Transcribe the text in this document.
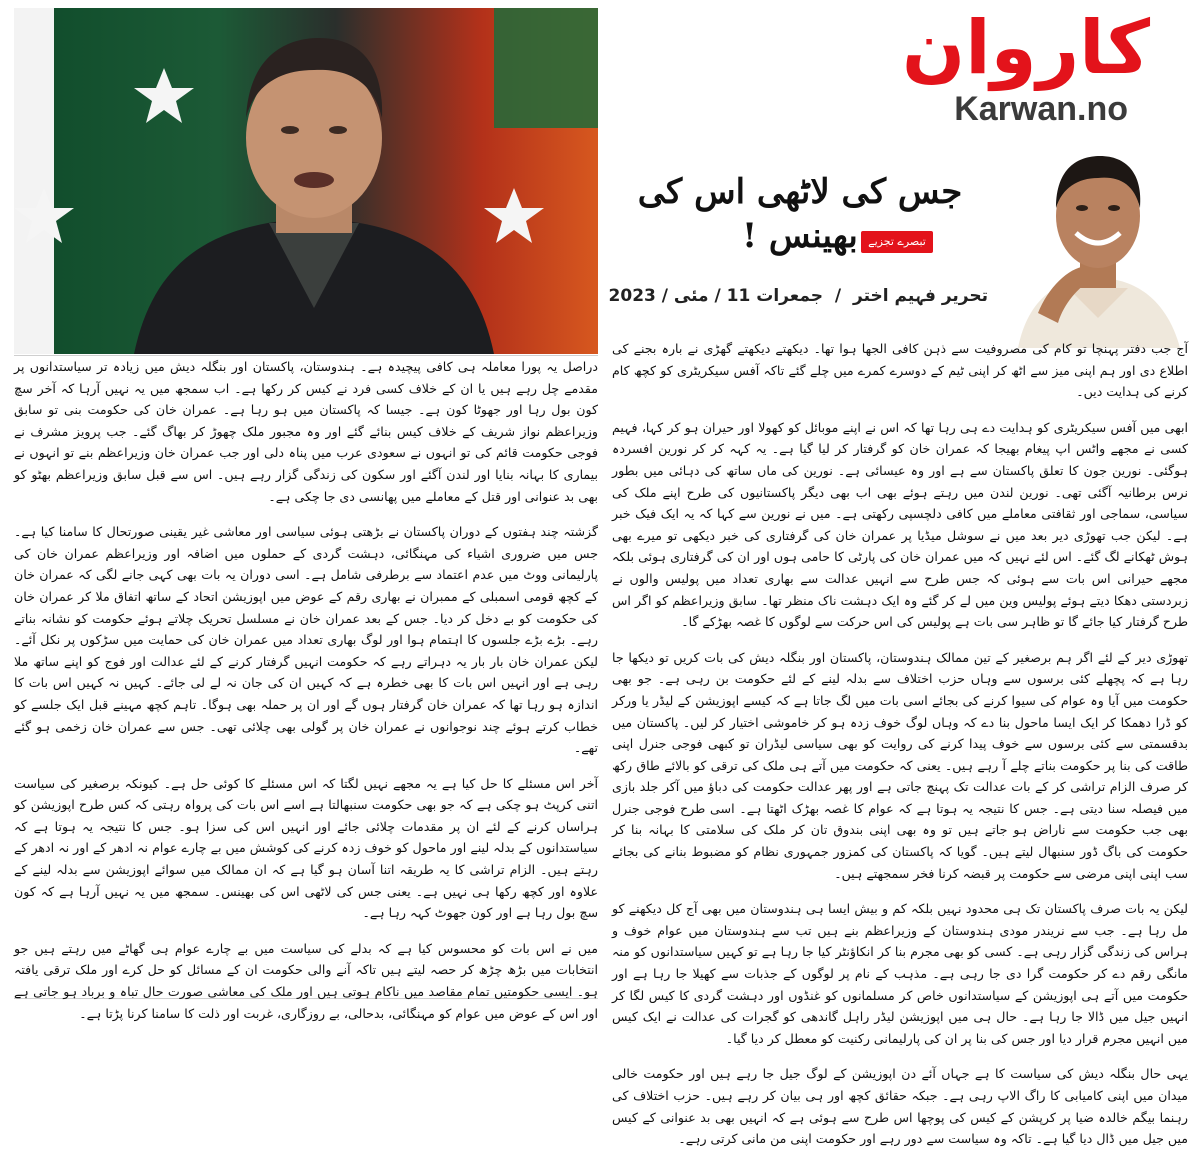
کاروان
Karwan.no
جس کی لاٹھی اس کی بھینس ! تبصرے تجزیے
تحریر فہیم اختر / جمعرات 11 / مئی / 2023

آج جب دفتر پہنچا تو کام کی مصروفیت سے ذہن کافی الجھا ہوا تھا۔ دیکھتے دیکھتے گھڑی نے بارہ بجنے کی اطلاع دی اور ہم اپنی میز سے اٹھ کر اپنی ٹیم کے دوسرے کمرے میں چلے گئے تاکہ آفس سیکریٹری کو کچھ کام کرنے کی ہدایت دیں۔

ابھی میں آفس سیکریٹری کو ہدایت دے ہی رہا تھا کہ اس نے اپنے موبائل کو کھولا اور حیران ہو کر کہا، فہیم کسی نے مجھے واٹس اپ پیغام بھیجا کہ عمران خان کو گرفتار کر لیا گیا ہے۔ یہ کہہ کر کر نورین افسردہ ہوگئی۔ نورین جون کا تعلق پاکستان سے ہے اور وہ عیسائی ہے۔ نورین کی ماں ساتھ کی دہائی میں بطور نرس برطانیہ آگئی تھی۔ نورین لندن میں رہتے ہوئے بھی اب بھی دیگر پاکستانیوں کی طرح اپنے ملک کی سیاسی، سماجی اور ثقافتی معاملے میں کافی دلچسپی رکھتی ہے۔ میں نے نورین سے کہا کہ یہ ایک فیک خبر ہے۔ لیکن جب تھوڑی دیر بعد میں نے سوشل میڈیا پر عمران خان کی گرفتاری کی خبر دیکھی تو میرے بھی ہوش ٹھکانے لگ گئے۔ اس لئے نہیں کہ میں عمران خان کی پارٹی کا حامی ہوں اور ان کی گرفتاری ہوئی بلکہ مجھے حیرانی اس بات سے ہوئی کہ جس طرح سے انہیں عدالت سے بھاری تعداد میں پولیس والوں نے زبردستی دھکا دیتے ہوئے پولیس وین میں لے کر گئے وہ ایک دہشت ناک منظر تھا۔ سابق وزیراعظم کو اگر اس طرح گرفتار کیا جائے گا تو ظاہر سی بات ہے پولیس کی اس حرکت سے لوگوں کا غصہ بھڑکے گا۔

تھوڑی دیر کے لئے اگر ہم برصغیر کے تین ممالک ہندوستان، پاکستان اور بنگلہ دیش کی بات کریں تو دیکھا جا رہا ہے کہ پچھلے کئی برسوں سے وہاں حزب اختلاف سے بدلہ لینے کے لئے حکومت بن رہی ہے۔ جو بھی حکومت میں آیا وہ عوام کی سیوا کرنے کی بجائے اسی بات میں لگ جاتا ہے کہ کیسے اپوزیشن کے لیڈر یا ورکر کو ڈرا دھمکا کر ایک ایسا ماحول بنا دے کہ وہاں لوگ خوف زدہ ہو کر خاموشی اختیار کر لیں۔ پاکستان میں بدقسمتی سے کئی برسوں سے خوف پیدا کرنے کی روایت کو بھی سیاسی لیڈران تو کبھی فوجی جنرل اپنی طاقت کی بنا پر حکومت بناتے چلے آ رہے ہیں۔ یعنی کہ حکومت میں آتے ہی ملک کی ترقی کو بالائے طاق رکھ کر صرف الزام تراشی کر کے بات عدالت تک پہنچ جاتی ہے اور پھر عدالت حکومت کی دباؤ میں آکر جلد بازی میں فیصلہ سنا دیتی ہے۔ جس کا نتیجہ یہ ہوتا ہے کہ عوام کا غصہ بھڑک اٹھتا ہے۔ اسی طرح فوجی جنرل بھی جب حکومت سے ناراض ہو جاتے ہیں تو وہ بھی اپنی بندوق تان کر ملک کی سلامتی کا بہانہ بنا کر حکومت کی باگ ڈور سنبھال لیتے ہیں۔ گویا کہ پاکستان کی کمزور جمہوری نظام کو مضبوط بنانے کی بجائے سب اپنی اپنی مرضی سے حکومت پر قبضہ کرنا فخر سمجھتے ہیں۔

لیکن یہ بات صرف پاکستان تک ہی محدود نہیں بلکہ کم و بیش ایسا ہی ہندوستان میں بھی آج کل دیکھنے کو مل رہا ہے۔ جب سے نریندر مودی ہندوستان کے وزیراعظم بنے ہیں تب سے ہندوستان میں عوام خوف و ہراس کی زندگی گزار رہی ہے۔ کسی کو بھی مجرم بنا کر انکاؤنٹر کیا جا رہا ہے تو کہیں سیاستدانوں کو منہ مانگی رقم دے کر حکومت گرا دی جا رہی ہے۔ مذہب کے نام پر لوگوں کے جذبات سے کھیلا جا رہا ہے اور حکومت میں آتے ہی اپوزیشن کے سیاستدانوں خاص کر مسلمانوں کو غنڈوں اور دہشت گردی کا کیس لگا کر انہیں جیل میں ڈالا جا رہا ہے۔ حال ہی میں اپوزیشن لیڈر راہل گاندھی کو گجرات کی عدالت نے ایک کیس میں انہیں مجرم قرار دیا اور جس کی بنا پر ان کی پارلیمانی رکنیت کو معطل کر دیا گیا۔

یہی حال بنگلہ دیش کی سیاست کا ہے جہاں آئے دن اپوزیشن کے لوگ جیل جا رہے ہیں اور حکومت خالی میدان میں اپنی کامیابی کا راگ الاپ رہی ہے۔ جبکہ حقائق کچھ اور ہی بیان کر رہے ہیں۔ حزب اختلاف کی رہنما بیگم خالدہ ضیا پر کرپشن کے کیس کی پوچھا اس طرح سے ہوئی ہے کہ انہیں بھی بد عنوانی کے کیس میں جیل میں ڈال دیا گیا ہے۔ تاکہ وہ سیاست سے دور رہے اور حکومت اپنی من مانی کرتی رہے۔

دراصل یہ پورا معاملہ ہی کافی پیچیدہ ہے۔ ہندوستان، پاکستان اور بنگلہ دیش میں زیادہ تر سیاستدانوں پر مقدمے چل رہے ہیں یا ان کے خلاف کسی فرد نے کیس کر رکھا ہے۔ اب سمجھ میں یہ نہیں آرہا کہ آخر سچ کون بول رہا اور جھوٹا کون ہے۔ جیسا کہ پاکستان میں ہو رہا ہے۔ عمران خان کی حکومت بنی تو سابق وزیراعظم نواز شریف کے خلاف کیس بنائے گئے اور وہ مجبور ملک چھوڑ کر بھاگ گئے۔ جب پرویز مشرف نے فوجی حکومت قائم کی تو انہوں نے سعودی عرب میں پناہ دلی اور جب عمران خان وزیراعظم بنے تو انہوں نے بیماری کا بہانہ بنایا اور لندن آگئے اور سکون کی زندگی گزار رہے ہیں۔ اس سے قبل سابق وزیراعظم بھٹو کو بھی بد عنوانی اور قتل کے معاملے میں پھانسی دی جا چکی ہے۔

گزشتہ چند ہفتوں کے دوران پاکستان نے بڑھتی ہوئی سیاسی اور معاشی غیر یقینی صورتحال کا سامنا کیا ہے۔ جس میں ضروری اشیاء کی مہنگائی، دہشت گردی کے حملوں میں اضافہ اور وزیراعظم عمران خان کی پارلیمانی ووٹ میں عدم اعتماد سے برطرفی شامل ہے۔ اسی دوران یہ بات بھی کہی جانے لگی کہ عمران خان کے کچھ قومی اسمبلی کے ممبران نے بھاری رقم کے عوض میں اپوزیشن اتحاد کے ساتھ اتفاق ملا کر عمران خان کی حکومت کو بے دخل کر دیا۔ جس کے بعد عمران خان نے مسلسل تحریک چلاتے ہوئے حکومت کو نشانہ بناتے رہے۔ بڑے بڑے جلسوں کا اہتمام ہوا اور لوگ بھاری تعداد میں عمران خان کی حمایت میں سڑکوں پر نکل آئے۔ لیکن عمران خان بار بار یہ دہراتے رہے کہ حکومت انہیں گرفتار کرنے کے لئے عدالت اور فوج کو اپنے ساتھ ملا رہی ہے اور انہیں اس بات کا بھی خطرہ ہے کہ کہیں ان کی جان نہ لے لی جائے۔ کہیں نہ کہیں اس بات کا اندازہ ہو رہا تھا کہ عمران خان گرفتار ہوں گے اور ان پر حملہ بھی ہوگا۔ تاہم کچھ مہینے قبل ایک جلسے کو خطاب کرتے ہوئے چند نوجوانوں نے عمران خان پر گولی بھی چلائی تھی۔ جس سے عمران خان زخمی ہو گئے تھے۔

آخر اس مسئلے کا حل کیا ہے یہ مجھے نہیں لگتا کہ اس مسئلے کا کوئی حل ہے۔ کیونکہ برصغیر کی سیاست اتنی کرپٹ ہو چکی ہے کہ جو بھی حکومت سنبھالتا ہے اسے اس بات کی پرواہ رہتی کہ کس طرح اپوزیشن کو ہراساں کرنے کے لئے ان پر مقدمات چلائی جائے اور انہیں اس کی سزا ہو۔ جس کا نتیجہ یہ ہوتا ہے کہ سیاستدانوں کے بدلہ لینے اور ماحول کو خوف زدہ کرنے کی کوشش میں بے چارے عوام نہ ادھر کے اور نہ ادھر کے رہتے ہیں۔ الزام تراشی کا یہ طریقہ اتنا آسان ہو گیا ہے کہ ان ممالک میں سوائے اپوزیشن سے بدلہ لینے کے علاوہ اور کچھ رکھا ہی نہیں ہے۔ یعنی جس کی لاٹھی اس کی بھینس۔ سمجھ میں یہ نہیں آرہا ہے کہ کون سچ بول رہا ہے اور کون جھوٹ کہہ رہا ہے۔

میں نے اس بات کو محسوس کیا ہے کہ بدلے کی سیاست میں بے چارے عوام ہی گھاٹے میں رہتے ہیں جو انتخابات میں بڑھ چڑھ کر حصہ لیتے ہیں تاکہ آنے والی حکومت ان کے مسائل کو حل کرے اور ملک ترقی یافتہ ہو۔ ایسی حکومتیں تمام مقاصد میں ناکام ہوتی ہیں اور ملک کی معاشی صورت حال تباہ و برباد ہو جاتی ہے اور اس کے عوض میں عوام کو مہنگائی، بدحالی، بے روزگاری، غربت اور ذلت کا سامنا کرنا پڑتا ہے۔
